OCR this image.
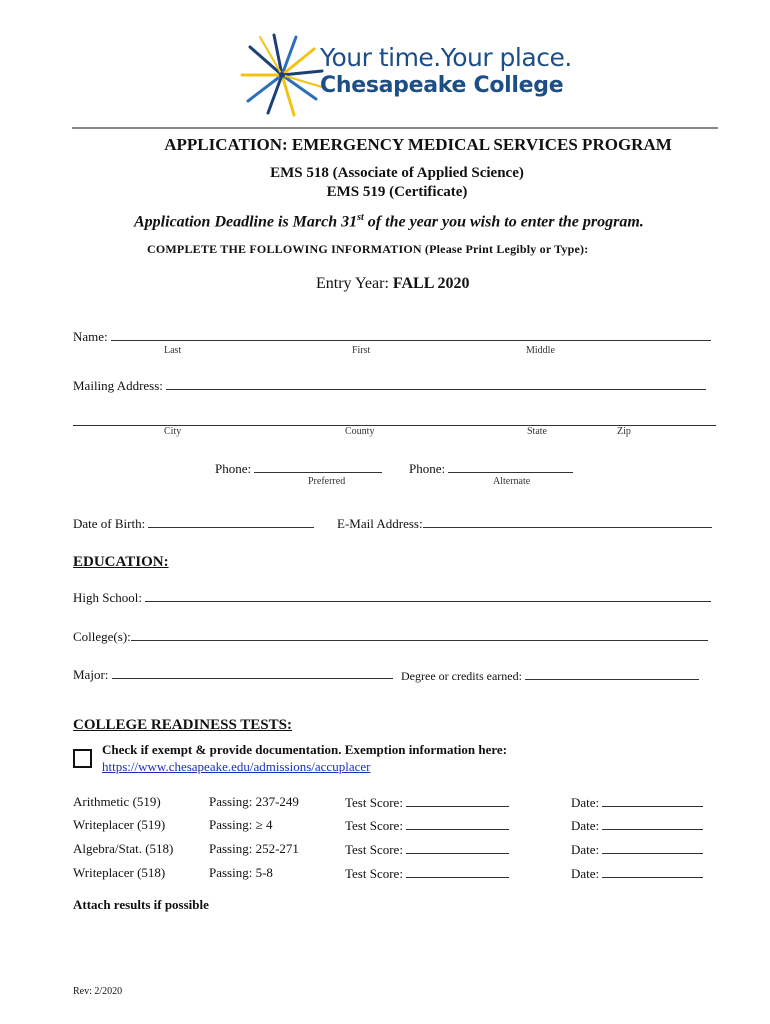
Your time.Your place.
Chesapeake College
APPLICATION: EMERGENCY MEDICAL SERVICES PROGRAM
EMS 518 (Associate of Applied Science)
EMS 519 (Certificate)
Application Deadline is March 31st of the year you wish to enter the program.
COMPLETE THE FOLLOWING INFORMATION (Please Print Legibly or Type):
Entry Year: FALL 2020
Name:
Last	First	Middle
Mailing Address:
City	County	State	Zip
Phone:
Preferred
Phone:
Alternate
Date of Birth:	E-Mail Address:
EDUCATION:
High School:
College(s):
Major:	Degree or credits earned:
COLLEGE READINESS TESTS:
Check if exempt & provide documentation. Exemption information here:
https://www.chesapeake.edu/admissions/accuplacer
Arithmetic (519)	Passing: 237-249	Test Score:	Date:
Writeplacer (519)	Passing: ≥ 4	Test Score:	Date:
Algebra/Stat. (518)	Passing: 252-271	Test Score:	Date:
Writeplacer (518)	Passing: 5-8	Test Score:	Date:
Attach results if possible
Rev: 2/2020
